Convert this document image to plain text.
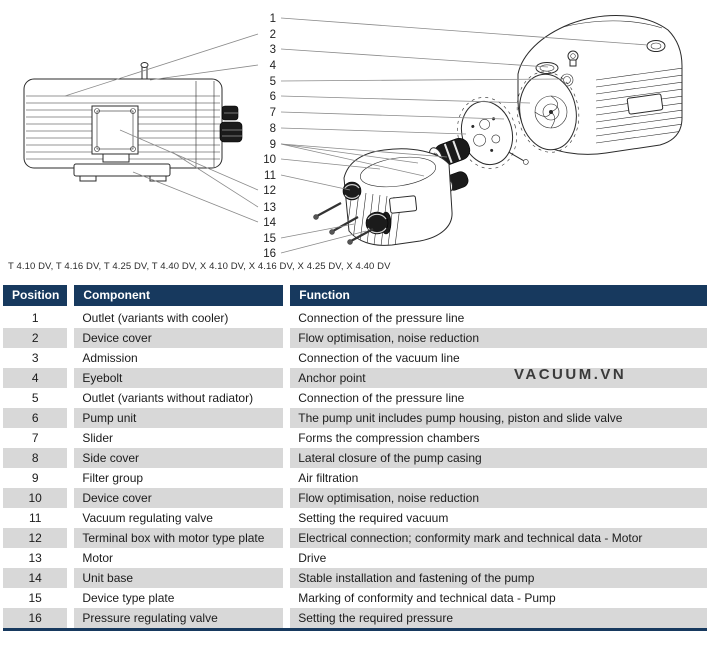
1
2
3
4
5
6
7
8
9
10
11
12
13
14
15
16
T 4.10 DV, T 4.16 DV, T 4.25 DV, T 4.40 DV, X 4.10 DV, X 4.16 DV, X 4.25 DV, X 4.40 DV
Position	Component	Function
1	Outlet (variants with cooler)	Connection of the pressure line
2	Device cover	Flow optimisation, noise reduction
3	Admission	Connection of the vacuum line
4	Eyebolt	Anchor point
5	Outlet (variants without radiator)	Connection of the pressure line
6	Pump unit	The pump unit includes pump housing, piston and slide valve
7	Slider	Forms the compression chambers
8	Side cover	Lateral closure of the pump casing
9	Filter group	Air filtration
10	Device cover	Flow optimisation, noise reduction
11	Vacuum regulating valve	Setting the required vacuum
12	Terminal box with motor type plate	Electrical connection; conformity mark and technical data - Motor
13	Motor	Drive
14	Unit base	Stable installation and fastening of the pump
15	Device type plate	Marking of conformity and technical data - Pump
16	Pressure regulating valve	Setting the required pressure
VACUUM.VN
